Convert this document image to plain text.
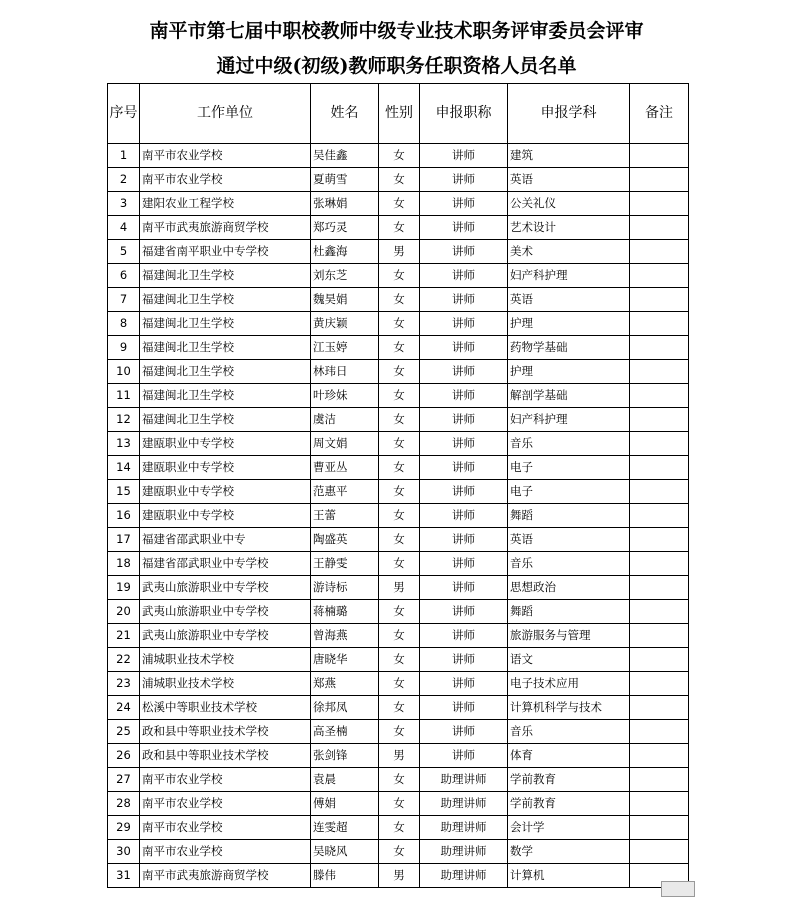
南平市第七届中职校教师中级专业技术职务评审委员会评审
通过中级(初级)教师职务任职资格人员名单
序号	工作单位	姓名	性别	申报职称	申报学科	备注
1	南平市农业学校	吴佳鑫	女	讲师	建筑	
2	南平市农业学校	夏萌雪	女	讲师	英语	
3	建阳农业工程学校	张琳娟	女	讲师	公关礼仪	
4	南平市武夷旅游商贸学校	郑巧灵	女	讲师	艺术设计	
5	福建省南平职业中专学校	杜鑫海	男	讲师	美术	
6	福建闽北卫生学校	刘东芝	女	讲师	妇产科护理	
7	福建闽北卫生学校	魏昊娟	女	讲师	英语	
8	福建闽北卫生学校	黄庆颖	女	讲师	护理	
9	福建闽北卫生学校	江玉婷	女	讲师	药物学基础	
10	福建闽北卫生学校	林玮日	女	讲师	护理	
11	福建闽北卫生学校	叶珍妹	女	讲师	解剖学基础	
12	福建闽北卫生学校	虞洁	女	讲师	妇产科护理	
13	建瓯职业中专学校	周文娟	女	讲师	音乐	
14	建瓯职业中专学校	曹亚丛	女	讲师	电子	
15	建瓯职业中专学校	范惠平	女	讲师	电子	
16	建瓯职业中专学校	王蕾	女	讲师	舞蹈	
17	福建省邵武职业中专	陶盛英	女	讲师	英语	
18	福建省邵武职业中专学校	王静雯	女	讲师	音乐	
19	武夷山旅游职业中专学校	游诗标	男	讲师	思想政治	
20	武夷山旅游职业中专学校	蒋楠璐	女	讲师	舞蹈	
21	武夷山旅游职业中专学校	曾海燕	女	讲师	旅游服务与管理	
22	浦城职业技术学校	唐晓华	女	讲师	语文	
23	浦城职业技术学校	郑燕	女	讲师	电子技术应用	
24	松溪中等职业技术学校	徐邦凤	女	讲师	计算机科学与技术	
25	政和县中等职业技术学校	高圣楠	女	讲师	音乐	
26	政和县中等职业技术学校	张剑锋	男	讲师	体育	
27	南平市农业学校	袁晨	女	助理讲师	学前教育	
28	南平市农业学校	傅娟	女	助理讲师	学前教育	
29	南平市农业学校	连雯超	女	助理讲师	会计学	
30	南平市农业学校	吴晓风	女	助理讲师	数学	
31	南平市武夷旅游商贸学校	滕伟	男	助理讲师	计算机	
